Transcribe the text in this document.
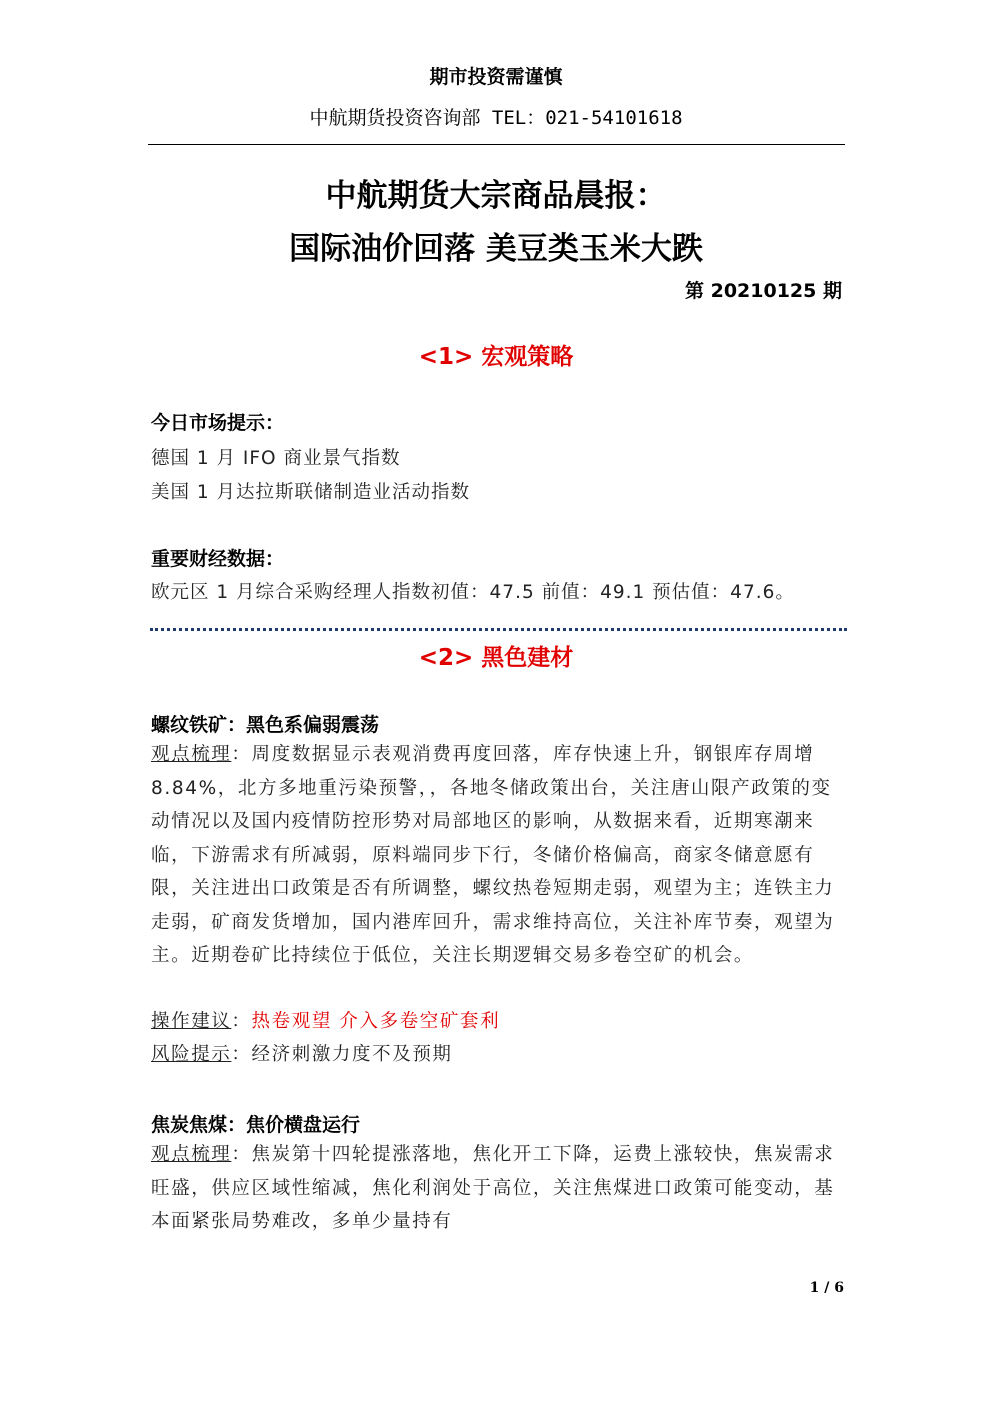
期市投资需谨慎
中航期货投资咨询部 TEL：021-54101618
中航期货大宗商品晨报：
国际油价回落 美豆类玉米大跌
第 20210125 期
<1> 宏观策略
今日市场提示：
德国 1 月 IFO 商业景气指数
美国 1 月达拉斯联储制造业活动指数
重要财经数据：
欧元区 1 月综合采购经理人指数初值：47.5 前值：49.1 预估值：47.6。
<2> 黑色建材
螺纹铁矿：黑色系偏弱震荡
观点梳理：周度数据显示表观消费再度回落，库存快速上升，钢银库存周增 8.84%，北方多地重污染预警，，各地冬储政策出台，关注唐山限产政策的变动情况以及国内疫情防控形势对局部地区的影响，从数据来看，近期寒潮来临，下游需求有所减弱，原料端同步下行，冬储价格偏高，商家冬储意愿有限，关注进出口政策是否有所调整，螺纹热卷短期走弱，观望为主；连铁主力走弱，矿商发货增加，国内港库回升，需求维持高位，关注补库节奏，观望为主。近期卷矿比持续位于低位，关注长期逻辑交易多卷空矿的机会。
操作建议：热卷观望 介入多卷空矿套利
风险提示：经济刺激力度不及预期
焦炭焦煤：焦价横盘运行
观点梳理：焦炭第十四轮提涨落地，焦化开工下降，运费上涨较快，焦炭需求旺盛，供应区域性缩减，焦化利润处于高位，关注焦煤进口政策可能变动，基本面紧张局势难改，多单少量持有
1 / 6
